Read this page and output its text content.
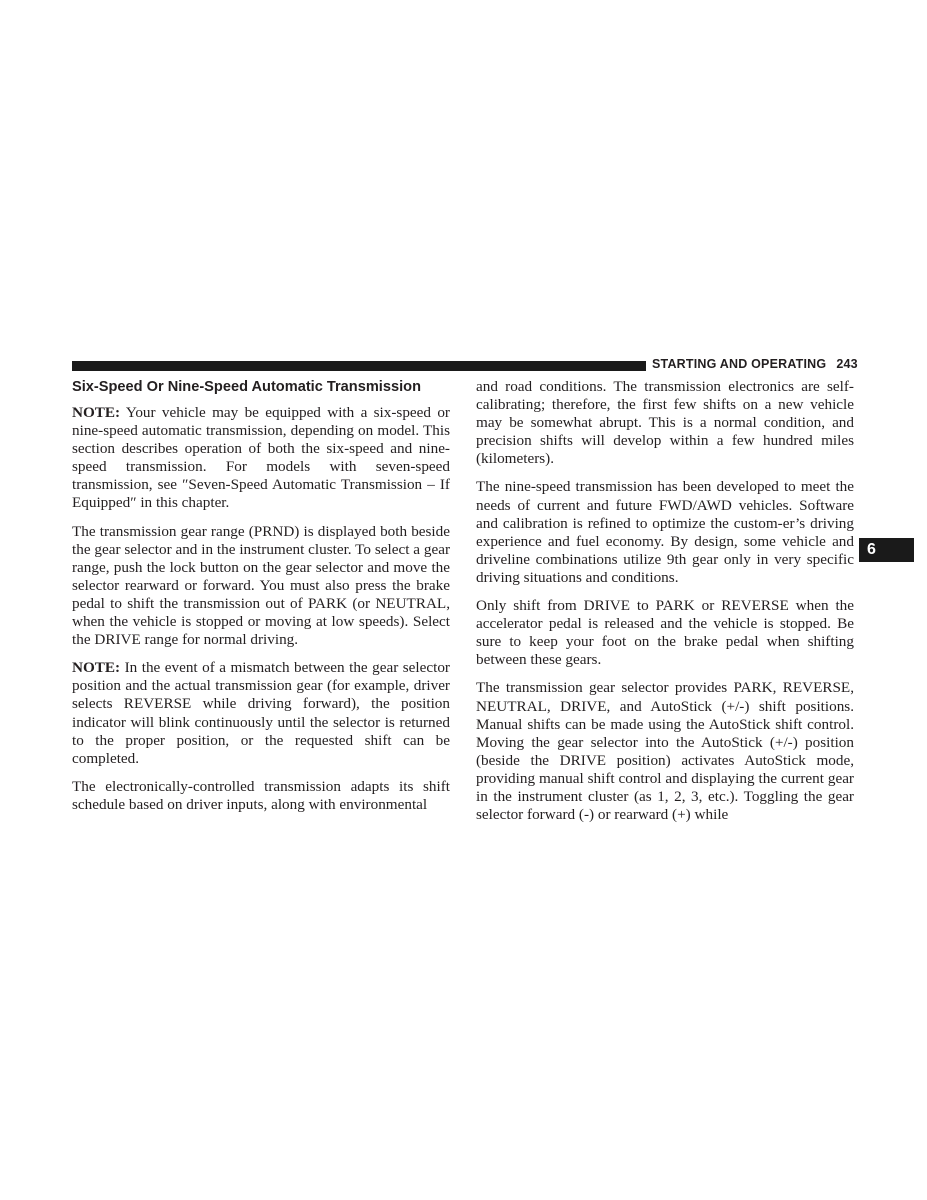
STARTING AND OPERATING 243
6
Six-Speed Or Nine-Speed Automatic Transmission

NOTE: Your vehicle may be equipped with a six-speed or nine-speed automatic transmission, depending on model. This section describes operation of both the six-speed and nine-speed transmission. For models with seven-speed transmission, see ″Seven-Speed Automatic Transmission – If Equipped″ in this chapter.

The transmission gear range (PRND) is displayed both beside the gear selector and in the instrument cluster. To select a gear range, push the lock button on the gear selector and move the selector rearward or forward. You must also press the brake pedal to shift the transmission out of PARK (or NEUTRAL, when the vehicle is stopped or moving at low speeds). Select the DRIVE range for normal driving.

NOTE: In the event of a mismatch between the gear selector position and the actual transmission gear (for example, driver selects REVERSE while driving forward), the position indicator will blink continuously until the selector is returned to the proper position, or the requested shift can be completed.

The electronically-controlled transmission adapts its shift schedule based on driver inputs, along with environmental

and road conditions. The transmission electronics are self-calibrating; therefore, the first few shifts on a new vehicle may be somewhat abrupt. This is a normal condition, and precision shifts will develop within a few hundred miles (kilometers).

The nine-speed transmission has been developed to meet the needs of current and future FWD/AWD vehicles. Software and calibration is refined to optimize the custom-er’s driving experience and fuel economy. By design, some vehicle and driveline combinations utilize 9th gear only in very specific driving situations and conditions.

Only shift from DRIVE to PARK or REVERSE when the accelerator pedal is released and the vehicle is stopped. Be sure to keep your foot on the brake pedal when shifting between these gears.

The transmission gear selector provides PARK, REVERSE, NEUTRAL, DRIVE, and AutoStick (+/-) shift positions. Manual shifts can be made using the AutoStick shift control. Moving the gear selector into the AutoStick (+/-) position (beside the DRIVE position) activates AutoStick mode, providing manual shift control and displaying the current gear in the instrument cluster (as 1, 2, 3, etc.). Toggling the gear selector forward (-) or rearward (+) while
